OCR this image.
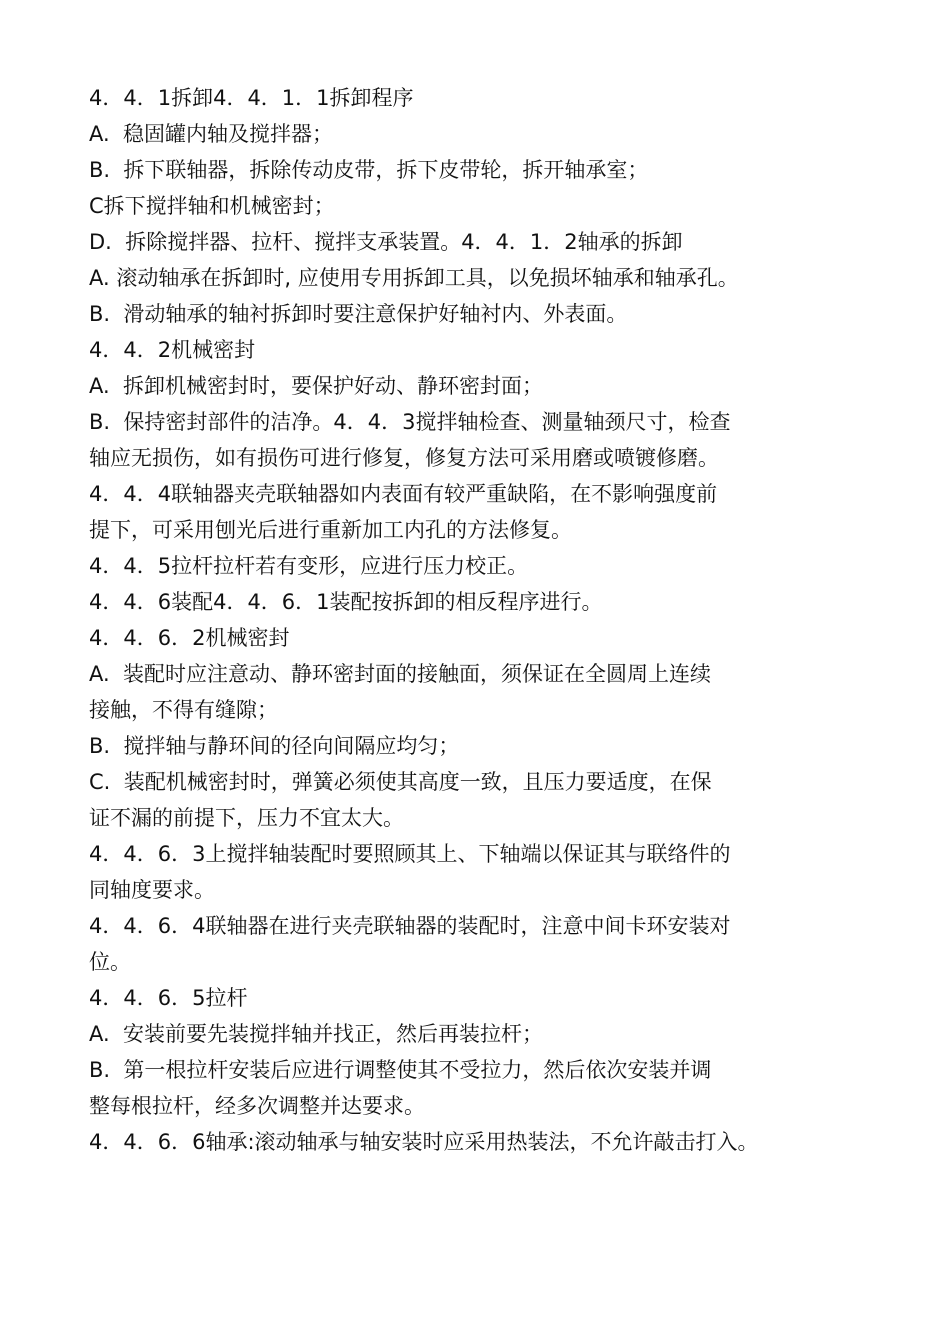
4．4．1拆卸4．4．1．1拆卸程序

A.  稳固罐内轴及搅拌器；

B.  拆下联轴器，拆除传动皮带，拆下皮带轮，拆开轴承室；

C拆下搅拌轴和机械密封；

D.  拆除搅拌器、拉杆、搅拌支承装置。4．4．1．2轴承的拆卸

A. 滚动轴承在拆卸时, 应使用专用拆卸工具，以免损坏轴承和轴承孔。

B.  滑动轴承的轴衬拆卸时要注意保护好轴衬内、外表面。

4．4．2机械密封

A.  拆卸机械密封时，要保护好动、静环密封面；

B.  保持密封部件的洁净。4．4．3搅拌轴检查、测量轴颈尺寸，检查

轴应无损伤，如有损伤可进行修复，修复方法可采用磨或喷镀修磨。

4．4．4联轴器夹壳联轴器如内表面有较严重缺陷，在不影响强度前

提下，可采用刨光后进行重新加工内孔的方法修复。

4．4．5拉杆拉杆若有变形，应进行压力校正。

4．4．6装配4．4．6．1装配按拆卸的相反程序进行。

4．4．6．2机械密封

A.  装配时应注意动、静环密封面的接触面，须保证在全圆周上连续

接触，不得有缝隙；

B.  搅拌轴与静环间的径向间隔应均匀；

C.  装配机械密封时，弹簧必须使其高度一致，且压力要适度，在保

证不漏的前提下，压力不宜太大。

4．4．6．3上搅拌轴装配时要照顾其上、下轴端以保证其与联络件的

同轴度要求。

4．4．6．4联轴器在进行夹壳联轴器的装配时，注意中间卡环安装对

位。

4．4．6．5拉杆

A.  安装前要先装搅拌轴并找正，然后再装拉杆；

B.  第一根拉杆安装后应进行调整使其不受拉力，然后依次安装并调

整每根拉杆，经多次调整并达要求。

4．4．6．6轴承:滚动轴承与轴安装时应采用热装法，不允许敲击打入。
